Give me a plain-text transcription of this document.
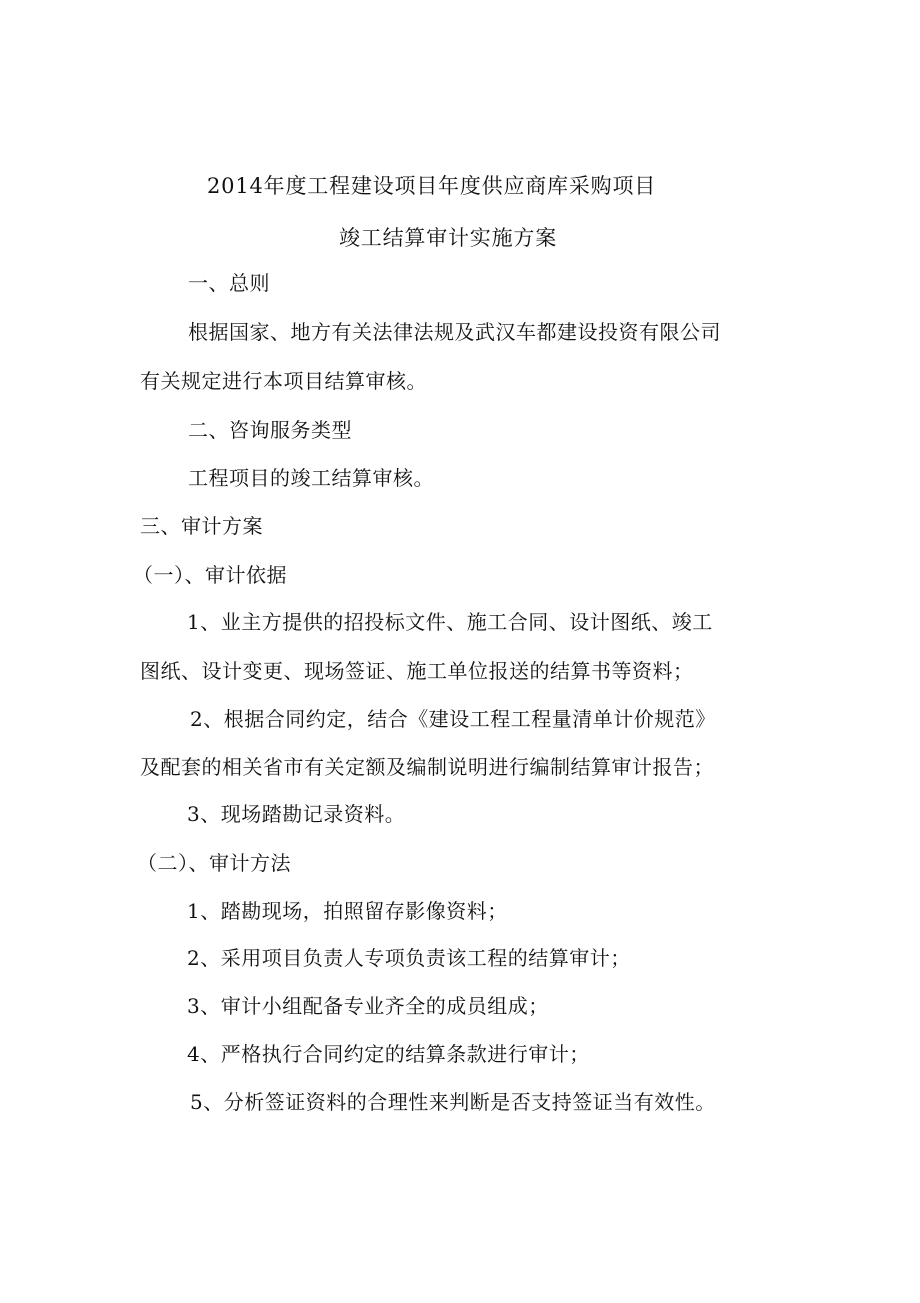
2014年度工程建设项目年度供应商库采购项目
竣工结算审计实施方案
一、总则
根据国家、地方有关法律法规及武汉车都建设投资有限公司
有关规定进行本项目结算审核。
二、咨询服务类型
工程项目的竣工结算审核。
三、审计方案
（一）、审计依据
1、业主方提供的招投标文件、施工合同、设计图纸、竣工
图纸、设计变更、现场签证、施工单位报送的结算书等资料；
2、根据合同约定，结合《建设工程工程量清单计价规范》
及配套的相关省市有关定额及编制说明进行编制结算审计报告；
3、现场踏勘记录资料。
（二）、审计方法
1、踏勘现场，拍照留存影像资料；
2、采用项目负责人专项负责该工程的结算审计；
3、审计小组配备专业齐全的成员组成；
4、严格执行合同约定的结算条款进行审计；
5、分析签证资料的合理性来判断是否支持签证当有效性。
